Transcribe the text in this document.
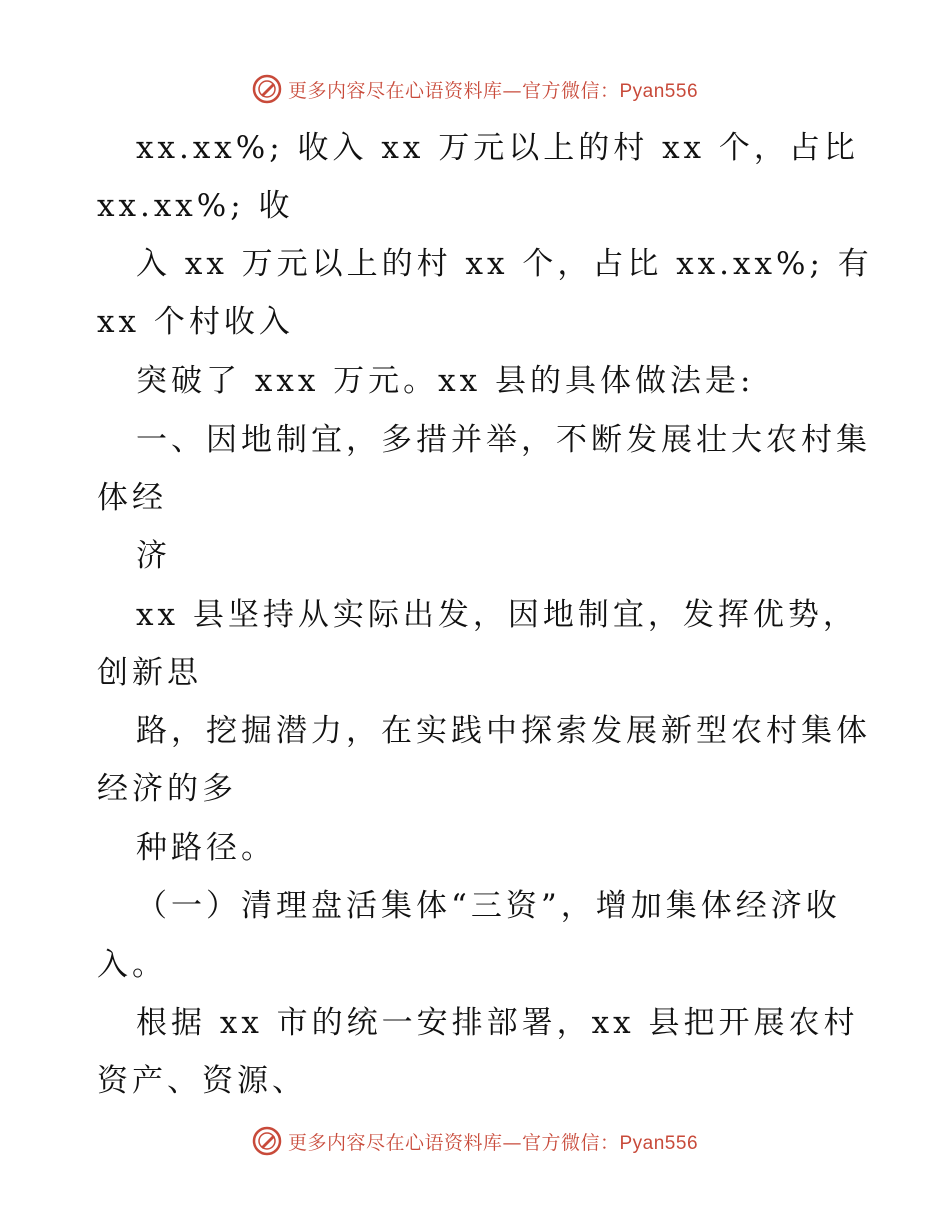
更多内容尽在心语资料库—官方微信：Pyan556
xx.xx%; 收入 xx 万元以上的村 xx 个，占比
xx.xx%; 收
入 xx 万元以上的村 xx 个，占比 xx.xx%; 有
xx 个村收入
突破了 xxx 万元。xx 县的具体做法是:
一、因地制宜，多措并举，不断发展壮大农村集
体经
济
xx 县坚持从实际出发，因地制宜，发挥优势，
创新思
路，挖掘潜力，在实践中探索发展新型农村集体
经济的多
种路径。
（一）清理盘活集体“三资”，增加集体经济收
入。
根据 xx 市的统一安排部署，xx 县把开展农村
资产、资源、
更多内容尽在心语资料库—官方微信：Pyan556
